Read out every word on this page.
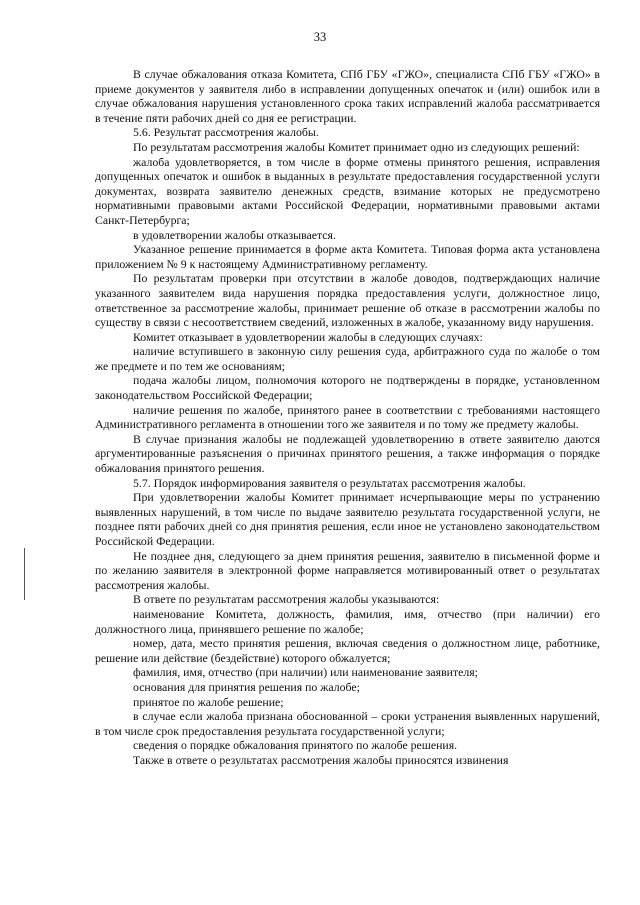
33

В случае обжалования отказа Комитета, СПб ГБУ «ГЖО», специалиста СПб ГБУ «ГЖО» в приеме документов у заявителя либо в исправлении допущенных опечаток и (или) ошибок или в случае обжалования нарушения установленного срока таких исправлений жалоба рассматривается в течение пяти рабочих дней со дня ее регистрации.

5.6. Результат рассмотрения жалобы.

По результатам рассмотрения жалобы Комитет принимает одно из следующих решений:

жалоба удовлетворяется, в том числе в форме отмены принятого решения, исправления допущенных опечаток и ошибок в выданных в результате предоставления государственной услуги документах, возврата заявителю денежных средств, взимание которых не предусмотрено нормативными правовыми актами Российской Федерации, нормативными правовыми актами Санкт-Петербурга;

в удовлетворении жалобы отказывается.

Указанное решение принимается в форме акта Комитета. Типовая форма акта установлена приложением № 9 к настоящему Административному регламенту.

По результатам проверки при отсутствии в жалобе доводов, подтверждающих наличие указанного заявителем вида нарушения порядка предоставления услуги, должностное лицо, ответственное за рассмотрение жалобы, принимает решение об отказе в рассмотрении жалобы по существу в связи с несоответствием сведений, изложенных в жалобе, указанному виду нарушения.

Комитет отказывает в удовлетворении жалобы в следующих случаях:

наличие вступившего в законную силу решения суда, арбитражного суда по жалобе о том же предмете и по тем же основаниям;

подача жалобы лицом, полномочия которого не подтверждены в порядке, установленном законодательством Российской Федерации;

наличие решения по жалобе, принятого ранее в соответствии с требованиями настоящего Административного регламента в отношении того же заявителя и по тому же предмету жалобы.

В случае признания жалобы не подлежащей удовлетворению в ответе заявителю даются аргументированные разъяснения о причинах принятого решения, а также информация о порядке обжалования принятого решения.

5.7. Порядок информирования заявителя о результатах рассмотрения жалобы.

При удовлетворении жалобы Комитет принимает исчерпывающие меры по устранению выявленных нарушений, в том числе по выдаче заявителю результата государственной услуги, не позднее пяти рабочих дней со дня принятия решения, если иное не установлено законодательством Российской Федерации.

Не позднее дня, следующего за днем принятия решения, заявителю в письменной форме и по желанию заявителя в электронной форме направляется мотивированный ответ о результатах рассмотрения жалобы.

В ответе по результатам рассмотрения жалобы указываются:

наименование Комитета, должность, фамилия, имя, отчество (при наличии) его должностного лица, принявшего решение по жалобе;

номер, дата, место принятия решения, включая сведения о должностном лице, работнике, решение или действие (бездействие) которого обжалуется;

фамилия, имя, отчество (при наличии) или наименование заявителя;

основания для принятия решения по жалобе;

принятое по жалобе решение;

в случае если жалоба признана обоснованной – сроки устранения выявленных нарушений, в том числе срок предоставления результата государственной услуги;

сведения о порядке обжалования принятого по жалобе решения.

Также в ответе о результатах рассмотрения жалобы приносятся извинения
